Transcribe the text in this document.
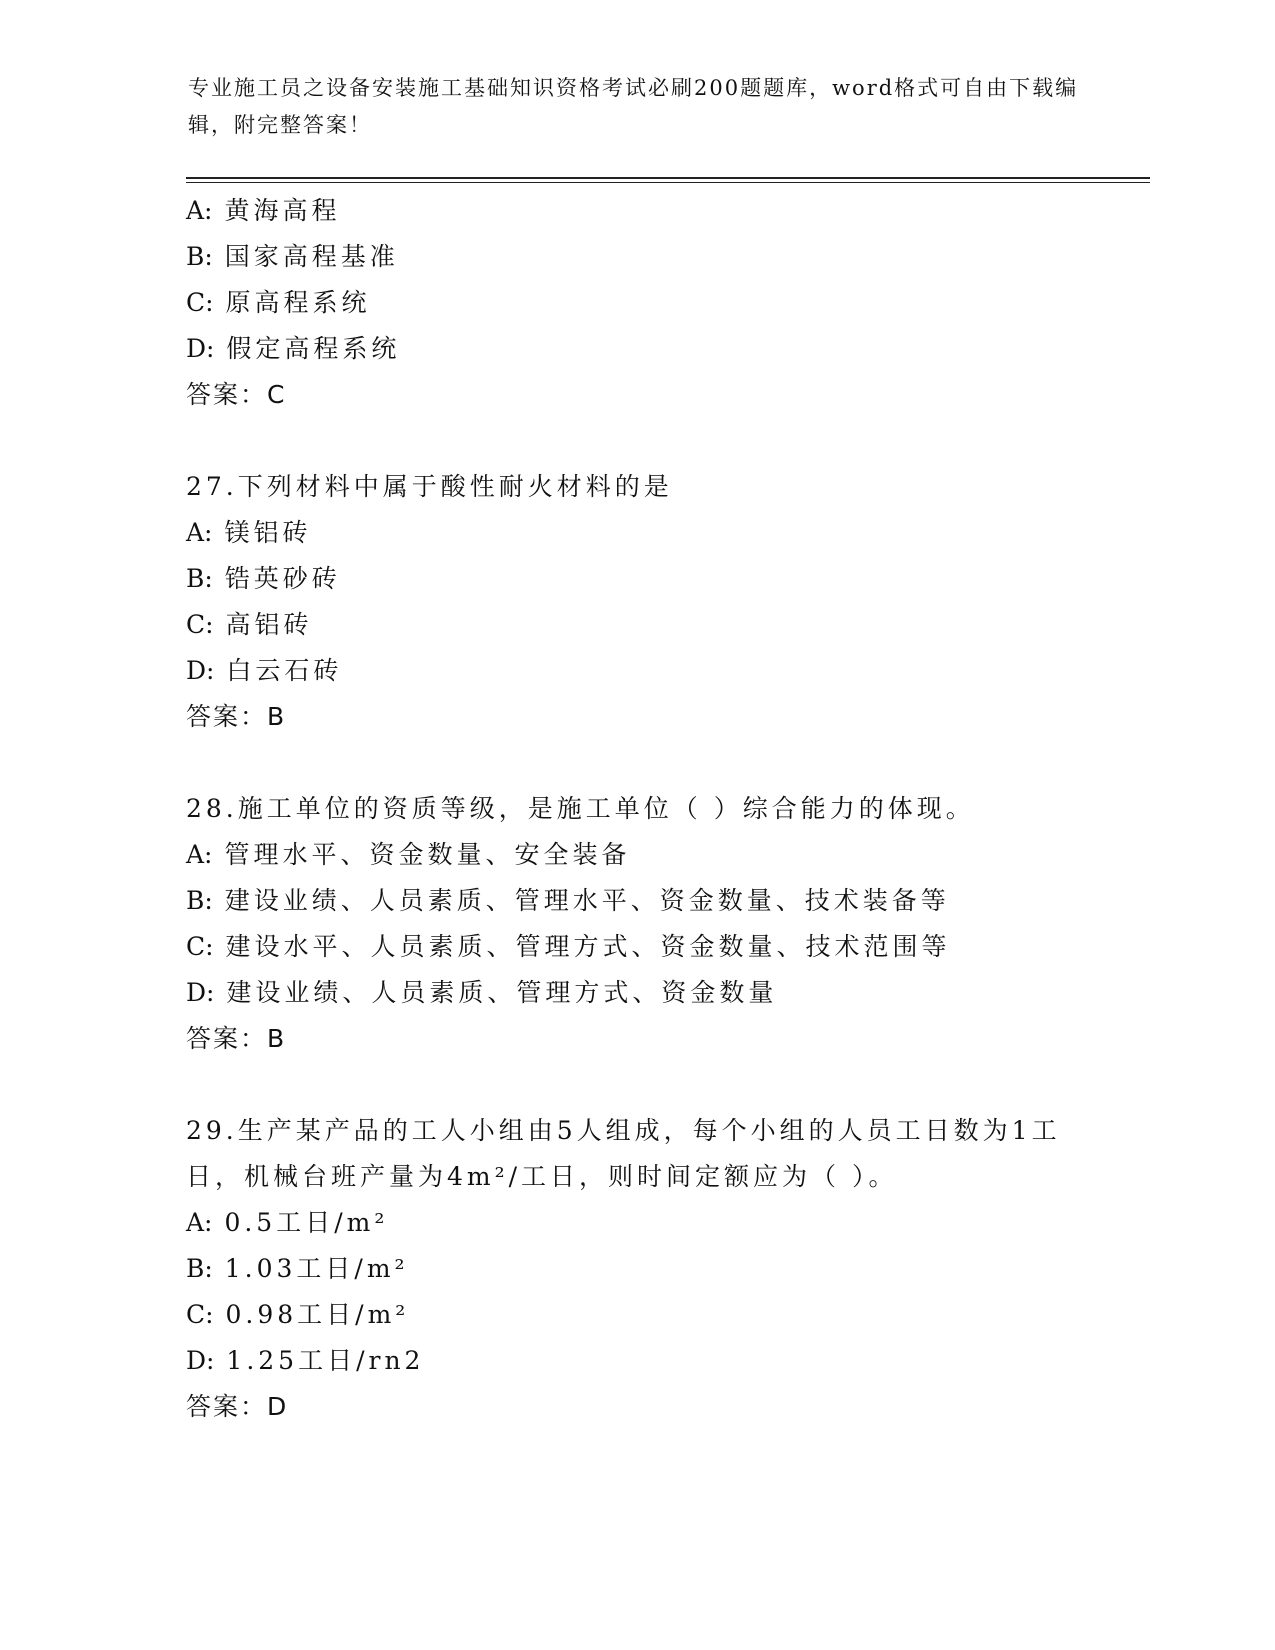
专业施工员之设备安装施工基础知识资格考试必刷200题题库，word格式可自由下载编辑，附完整答案！
A: 黄海高程
B: 国家高程基准
C: 原高程系统
D: 假定高程系统
答案：C
27.下列材料中属于酸性耐火材料的是
A: 镁铝砖
B: 锆英砂砖
C: 高铝砖
D: 白云石砖
答案：B
28.施工单位的资质等级，是施工单位（ ）综合能力的体现。
A: 管理水平、资金数量、安全装备
B: 建设业绩、人员素质、管理水平、资金数量、技术装备等
C: 建设水平、人员素质、管理方式、资金数量、技术范围等
D: 建设业绩、人员素质、管理方式、资金数量
答案：B
29.生产某产品的工人小组由5人组成，每个小组的人员工日数为1工日，机械台班产量为4m²/工日，则时间定额应为（ ）。
A: 0.5工日/m²
B: 1.03工日/m²
C: 0.98工日/m²
D: 1.25工日/rn2
答案：D
